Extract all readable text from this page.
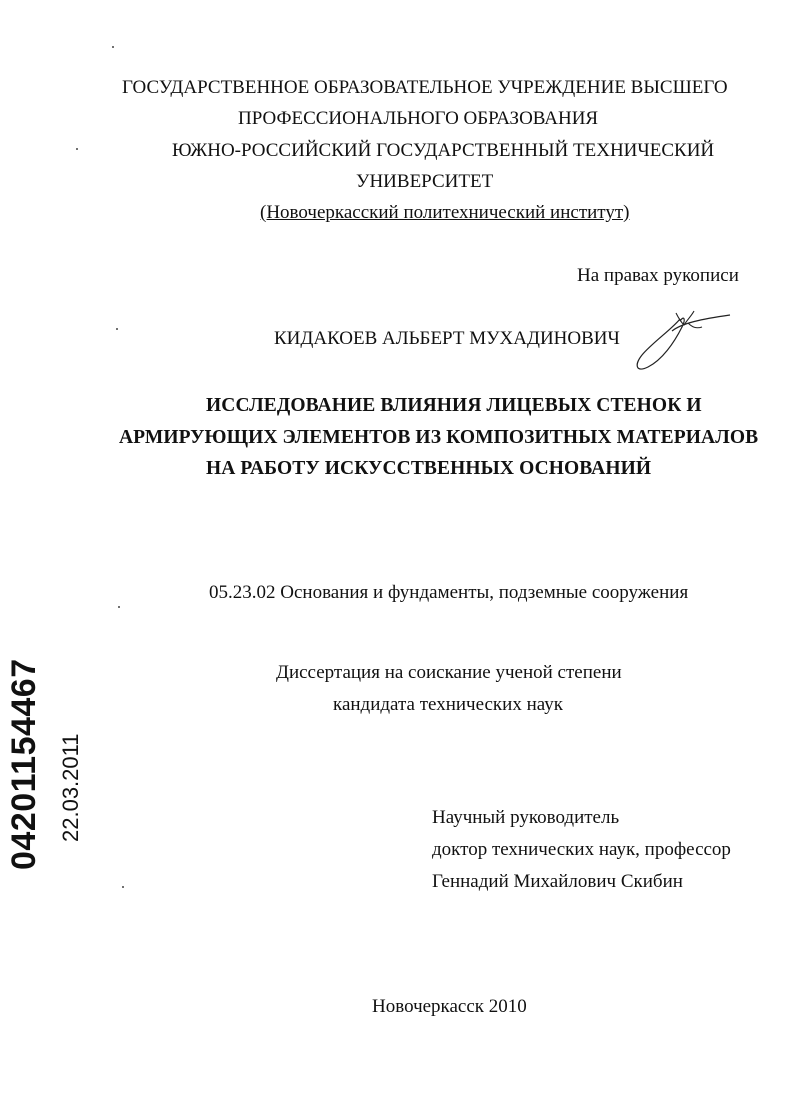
ГОСУДАРСТВЕННОЕ ОБРАЗОВАТЕЛЬНОЕ УЧРЕЖДЕНИЕ ВЫСШЕГО
ПРОФЕССИОНАЛЬНОГО ОБРАЗОВАНИЯ
ЮЖНО-РОССИЙСКИЙ ГОСУДАРСТВЕННЫЙ ТЕХНИЧЕСКИЙ
УНИВЕРСИТЕТ
(Новочеркасский политехнический институт)
На правах рукописи
КИДАКОЕВ АЛЬБЕРТ МУХАДИНОВИЧ
ИССЛЕДОВАНИЕ ВЛИЯНИЯ ЛИЦЕВЫХ СТЕНОК И
АРМИРУЮЩИХ ЭЛЕМЕНТОВ ИЗ КОМПОЗИТНЫХ МАТЕРИАЛОВ
НА РАБОТУ ИСКУССТВЕННЫХ ОСНОВАНИЙ
05.23.02 Основания и фундаменты, подземные сооружения
Диссертация на соискание ученой степени
кандидата технических наук
Научный руководитель
доктор технических наук, профессор
Геннадий Михайлович Скибин
Новочеркасск 2010
04201154467 22.03.2011
